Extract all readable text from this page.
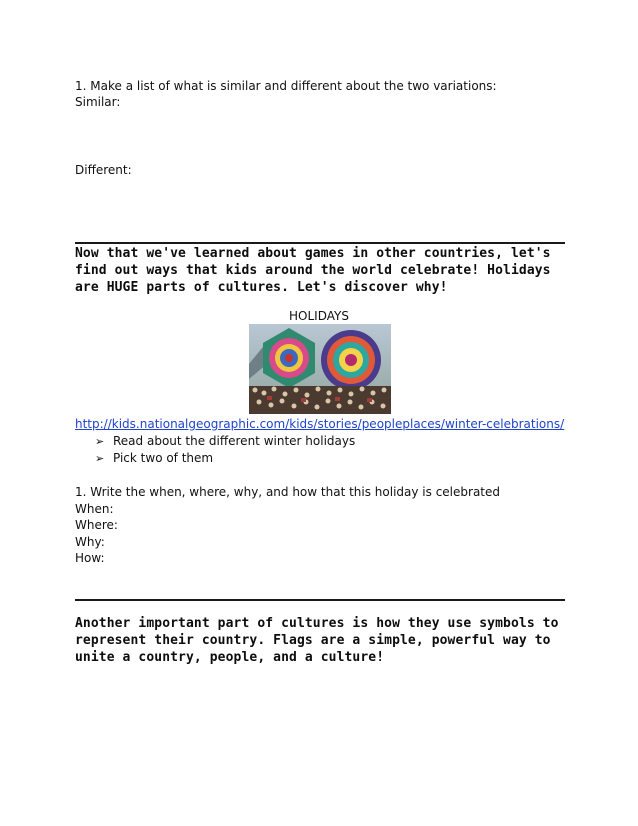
1. Make a list of what is similar and different about the two variations:
Similar:
Different:
Now that we've learned about games in other countries, let's find out ways that kids around the world celebrate! Holidays are HUGE parts of cultures. Let's discover why!
HOLIDAYS
http://kids.nationalgeographic.com/kids/stories/peopleplaces/winter-celebrations/
➢ Read about the different winter holidays
➢ Pick two of them
1. Write the when, where, why, and how that this holiday is celebrated
When:
Where:
Why:
How:
Another important part of cultures is how they use symbols to represent their country. Flags are a simple, powerful way to unite a country, people, and a culture!
